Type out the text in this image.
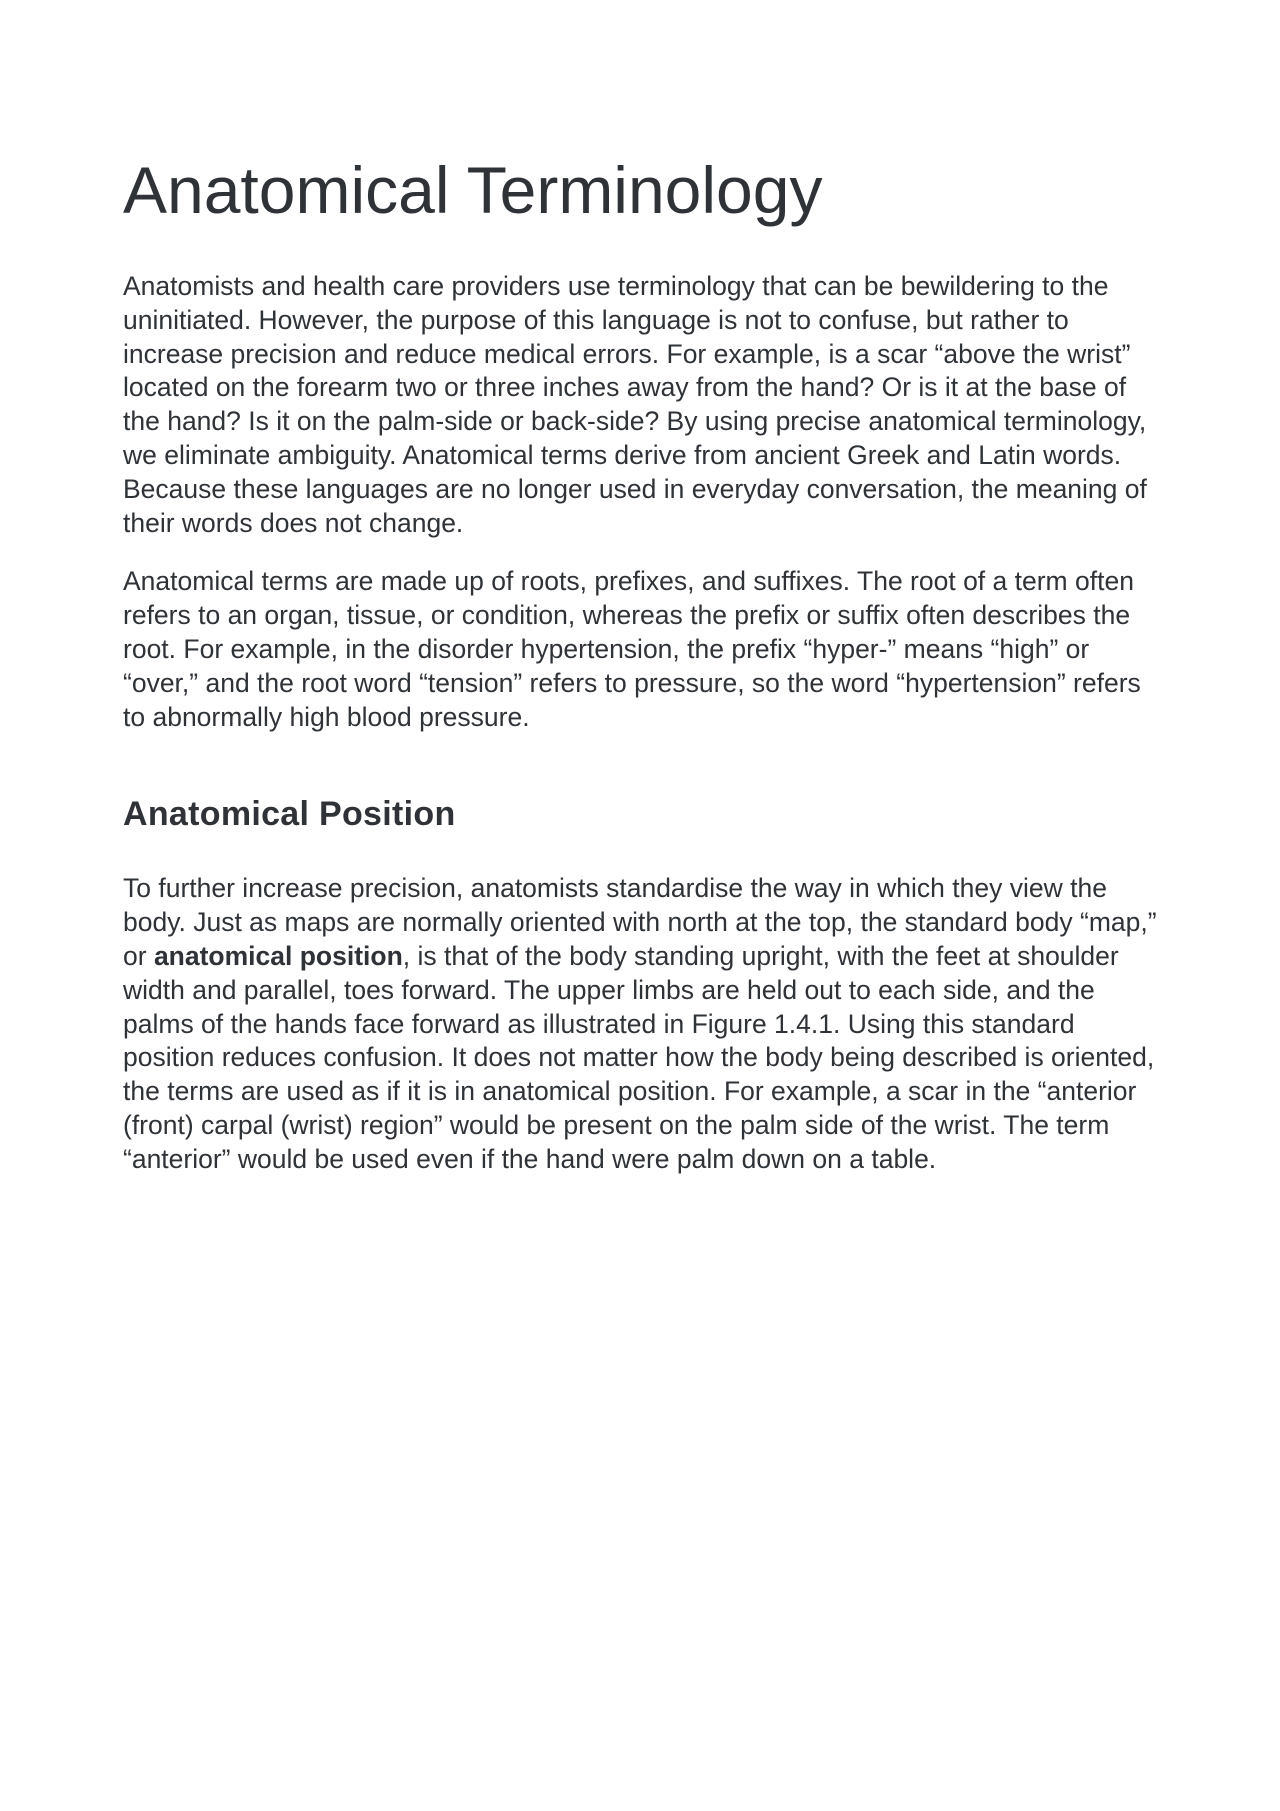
Anatomical Terminology

Anatomists and health care providers use terminology that can be bewildering to the uninitiated. However, the purpose of this language is not to confuse, but rather to increase precision and reduce medical errors. For example, is a scar “above the wrist” located on the forearm two or three inches away from the hand? Or is it at the base of the hand? Is it on the palm-side or back-side? By using precise anatomical terminology, we eliminate ambiguity. Anatomical terms derive from ancient Greek and Latin words. Because these languages are no longer used in everyday conversation, the meaning of their words does not change.

Anatomical terms are made up of roots, prefixes, and suffixes. The root of a term often refers to an organ, tissue, or condition, whereas the prefix or suffix often describes the root. For example, in the disorder hypertension, the prefix “hyper-” means “high” or “over,” and the root word “tension” refers to pressure, so the word “hypertension” refers to abnormally high blood pressure.

Anatomical Position

To further increase precision, anatomists standardise the way in which they view the body. Just as maps are normally oriented with north at the top, the standard body “map,” or anatomical position, is that of the body standing upright, with the feet at shoulder width and parallel, toes forward. The upper limbs are held out to each side, and the palms of the hands face forward as illustrated in Figure 1.4.1. Using this standard position reduces confusion. It does not matter how the body being described is oriented, the terms are used as if it is in anatomical position. For example, a scar in the “anterior (front) carpal (wrist) region” would be present on the palm side of the wrist. The term “anterior” would be used even if the hand were palm down on a table.
